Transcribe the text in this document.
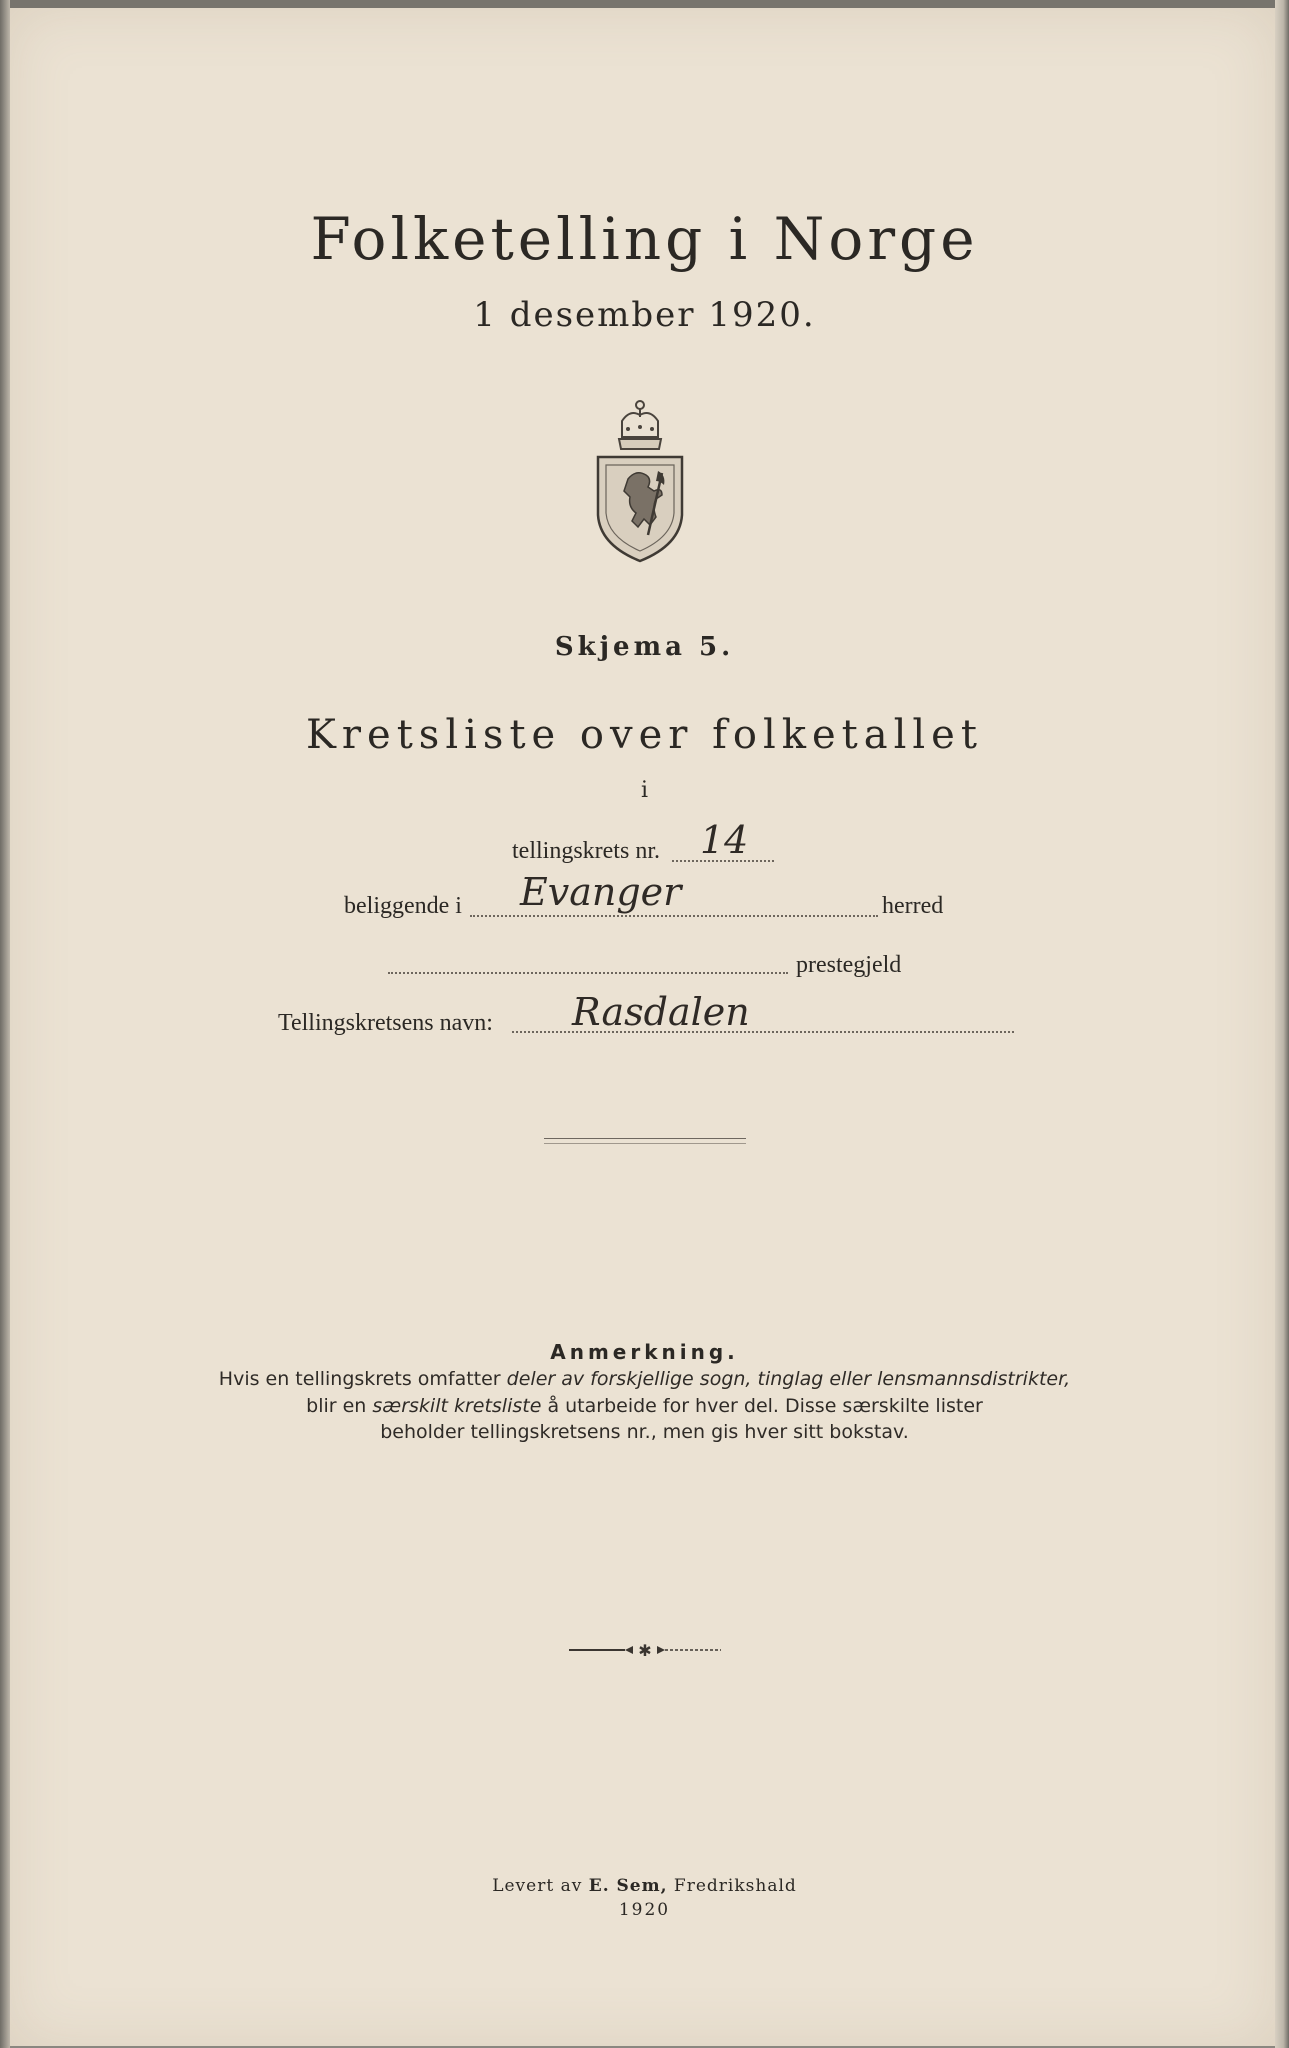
Folketelling i Norge
1 desember 1920.
Skjema 5.
Kretsliste over folketallet
i
tellingskrets nr. 14
beliggende i Evanger	herred
prestegjeld
Tellingskretsens navn: Rasdalen
Anmerkning.
Hvis en tellingskrets omfatter deler av forskjellige sogn, tinglag eller lensmannsdistrikter,
blir en særskilt kretsliste å utarbeide for hver del. Disse særskilte lister
beholder tellingskretsens nr., men gis hver sitt bokstav.
✱
Levert av E. Sem, Fredrikshald
1920
